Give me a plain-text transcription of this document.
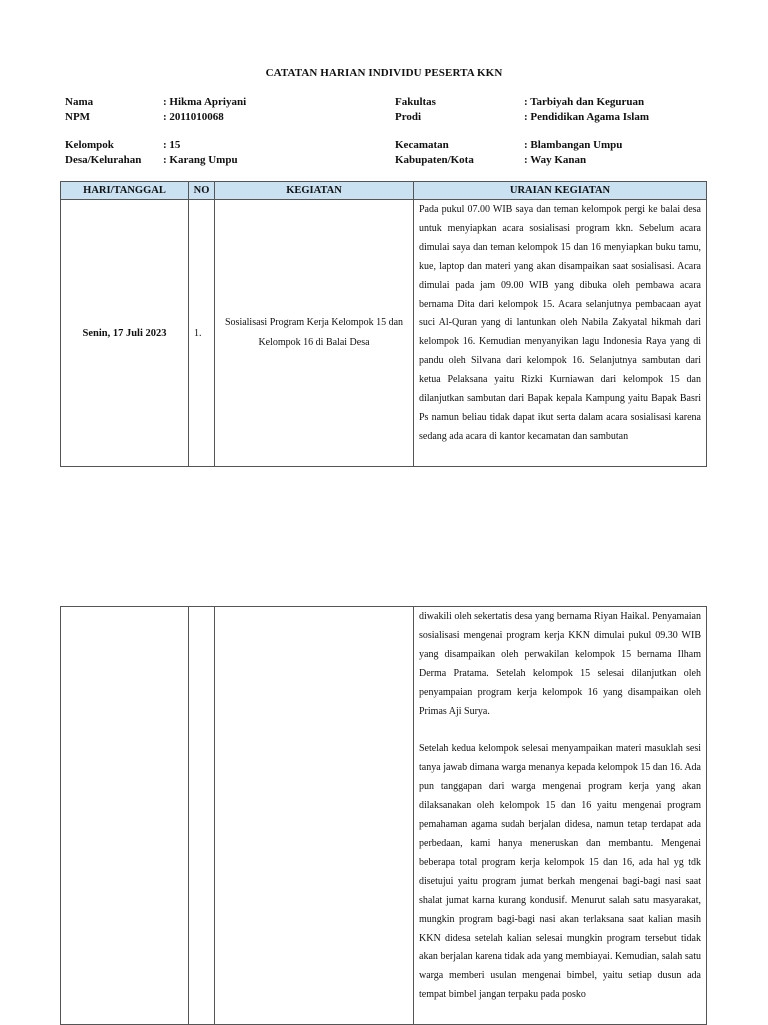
CATATAN HARIAN INDIVIDU PESERTA KKN
Nama	: Hikma Apriyani
NPM	: 2011010068
Kelompok	: 15
Desa/Kelurahan	: Karang Umpu
Fakultas	: Tarbiyah dan Keguruan
Prodi	: Pendidikan Agama Islam
Kecamatan	: Blambangan Umpu
Kabupaten/Kota	: Way Kanan
HARI/TANGGAL	NO	KEGIATAN	URAIAN KEGIATAN
Senin, 17 Juli 2023	1.	Sosialisasi Program Kerja Kelompok 15 dan Kelompok 16 di Balai Desa	Pada pukul 07.00 WIB saya dan teman kelompok pergi ke balai desa untuk menyiapkan acara sosialisasi program kkn. Sebelum acara dimulai saya dan teman kelompok 15 dan 16 menyiapkan buku tamu, kue, laptop dan materi yang akan disampaikan saat sosialisasi. Acara dimulai pada jam 09.00 WIB yang dibuka oleh pembawa acara bernama Dita dari kelompok 15. Acara selanjutnya pembacaan ayat suci Al-Quran yang di lantunkan oleh Nabila Zakyatal hikmah dari kelompok 16. Kemudian menyanyikan lagu Indonesia Raya yang di pandu oleh Silvana dari kelompok 16. Selanjutnya sambutan dari ketua Pelaksana yaitu Rizki Kurniawan dari kelompok 15 dan dilanjutkan sambutan dari Bapak kepala Kampung yaitu Bapak Basri Ps namun beliau tidak dapat ikut serta dalam acara sosialisasi karena sedang ada acara di kantor kecamatan dan sambutan

diwakili oleh sekertatis desa yang bernama Riyan Haikal. Penyamaian sosialisasi mengenai program kerja KKN dimulai pukul 09.30 WIB yang disampaikan oleh perwakilan kelompok 15 bernama Ilham Derma Pratama. Setelah kelompok 15 selesai dilanjutkan oleh penyampaian program kerja kelompok 16 yang disampaikan oleh Primas Aji Surya.

Setelah kedua kelompok selesai menyampaikan materi masuklah sesi tanya jawab dimana warga menanya kepada kelompok 15 dan 16. Ada pun tanggapan dari warga mengenai program kerja yang akan dilaksanakan oleh kelompok 15 dan 16 yaitu mengenai program pemahaman agama sudah berjalan didesa, namun tetap terdapat ada perbedaan, kami hanya meneruskan dan membantu. Mengenai beberapa total program kerja kelompok 15 dan 16, ada hal yg tdk disetujui yaitu program jumat berkah mengenai bagi-bagi nasi saat shalat jumat karna kurang kondusif. Menurut salah satu masyarakat, mungkin program bagi-bagi nasi akan terlaksana saat kalian masih KKN didesa setelah kalian selesai mungkin program tersebut tidak akan berjalan karena tidak ada yang membiayai. Kemudian, salah satu warga memberi usulan mengenai bimbel, yaitu setiap dusun ada tempat bimbel jangan terpaku pada posko
